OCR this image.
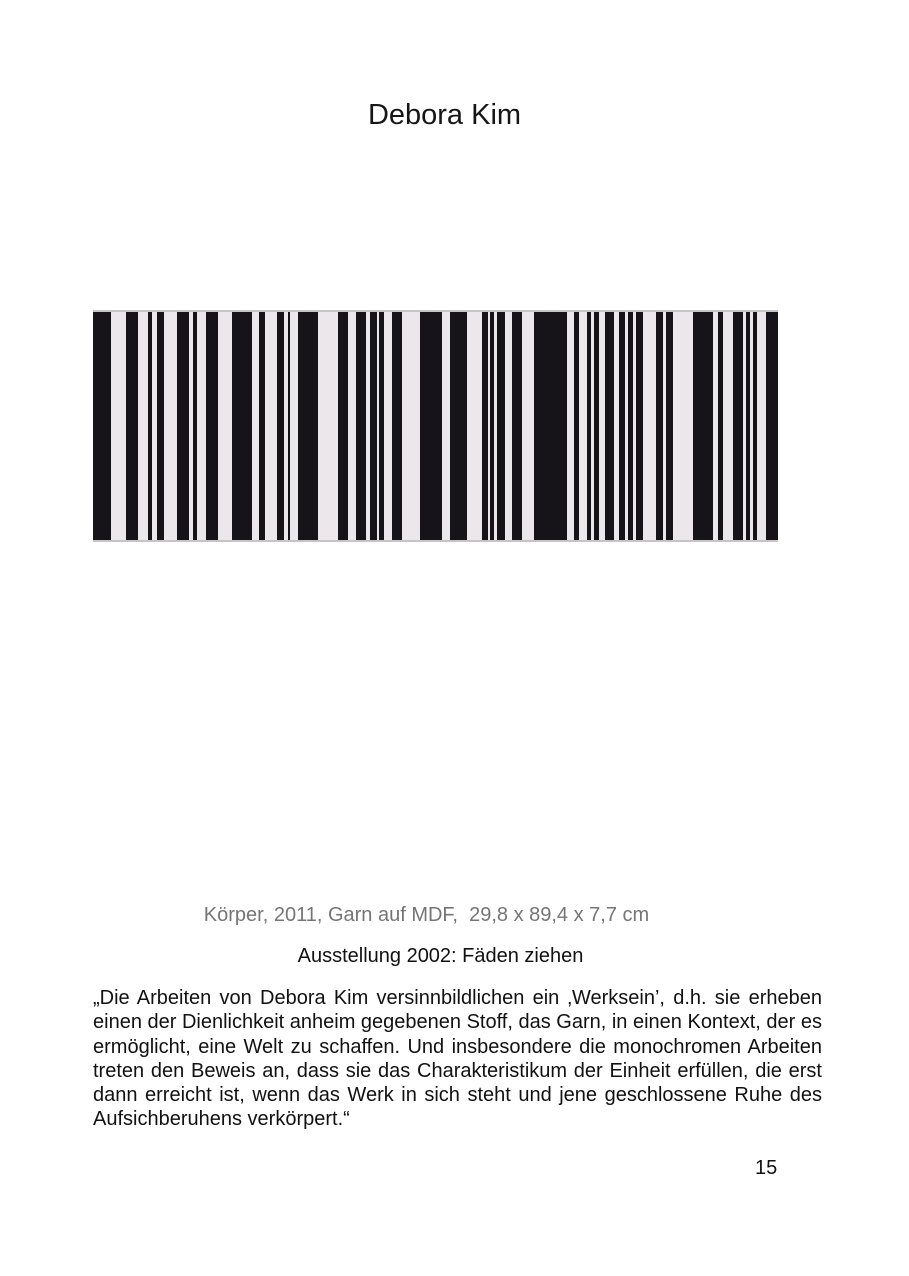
Debora Kim
Körper, 2011, Garn auf MDF,  29,8 x 89,4 x 7,7 cm
Ausstellung 2002: Fäden ziehen
„Die Arbeiten von Debora Kim versinnbildlichen ein ‚Werksein’, d.h. sie erheben
einen der Dienlichkeit anheim gegebenen Stoff, das Garn, in einen Kontext, der es
ermöglicht, eine Welt zu schaffen. Und insbesondere die monochromen Arbeiten
treten den Beweis an, dass sie das Charakteristikum der Einheit erfüllen, die erst
dann erreicht ist, wenn das Werk in sich steht und jene geschlossene Ruhe des
Aufsichberuhens verkörpert.“
15
